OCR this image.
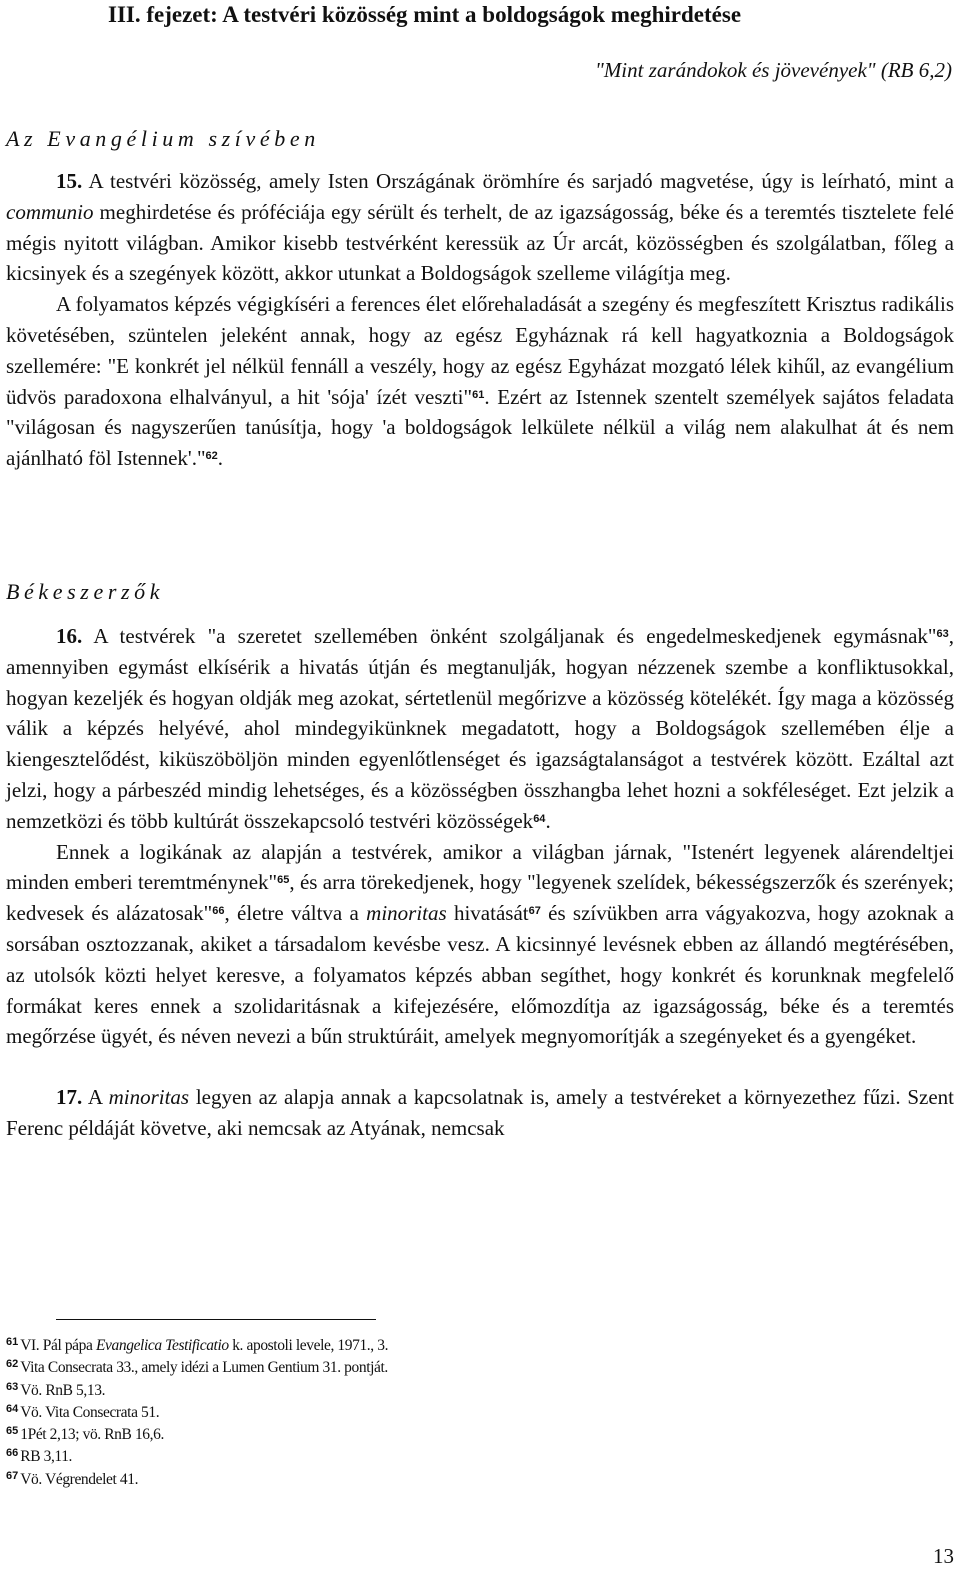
III. fejezet: A testvéri közösség mint a boldogságok meghirdetése
"Mint zarándokok és jövevények" (RB 6,2)
Az Evangélium szívében

15. A testvéri közösség, amely Isten Országának örömhíre és sarjadó magvetése, úgy is leírható, mint a communio meghirdetése és próféciája egy sérült és terhelt, de az igazságosság, béke és a teremtés tisztelete felé mégis nyitott világban. Amikor kisebb testvérként keressük az Úr arcát, közösségben és szolgálatban, főleg a kicsinyek és a szegények között, akkor utunkat a Boldogságok szelleme világítja meg.

A folyamatos képzés végigkíséri a ferences élet előrehaladását a szegény és megfeszített Krisztus radikális követésében, szüntelen jeleként annak, hogy az egész Egyháznak rá kell hagyatkoznia a Boldogságok szellemére: "E konkrét jel nélkül fennáll a veszély, hogy az egész Egyházat mozgató lélek kihűl, az evangélium üdvös paradoxona elhalványul, a hit 'sója' ízét veszti"$^{61}$. Ezért az Istennek szentelt személyek sajátos feladata "világosan és nagyszerűen tanúsítja, hogy 'a boldogságok lelkülete nélkül a világ nem alakulhat át és nem ajánlható föl Istennek'."$^{62}$.

Békeszerzők

16. A testvérek "a szeretet szellemében önként szolgáljanak és engedelmeskedjenek egymásnak"$^{63}$, amennyiben egymást elkísérik a hivatás útján és megtanulják, hogyan nézzenek szembe a konfliktusokkal, hogyan kezeljék és hogyan oldják meg azokat, sértetlenül megőrizve a közösség kötelékét. Így maga a közösség válik a képzés helyévé, ahol mindegyikünknek megadatott, hogy a Boldogságok szellemében élje a kiengesztelődést, kiküszöböljön minden egyenlőtlenséget és igazságtalanságot a testvérek között. Ezáltal azt jelzi, hogy a párbeszéd mindig lehetséges, és a közösségben összhangba lehet hozni a sokféleséget. Ezt jelzik a nemzetközi és több kultúrát összekapcsoló testvéri közösségek$^{64}$.

Ennek a logikának az alapján a testvérek, amikor a világban járnak, "Istenért legyenek alárendeltjei minden emberi teremtménynek"$^{65}$, és arra törekedjenek, hogy "legyenek szelídek, békességszerzők és szerények; kedvesek és alázatosak"$^{66}$, életre váltva a minoritas hivatását$^{67}$ és szívükben arra vágyakozva, hogy azoknak a sorsában osztozzanak, akiket a társadalom kevésbe vesz. A kicsinnyé levésnek ebben az állandó megtérésében, az utolsók közti helyet keresve, a folyamatos képzés abban segíthet, hogy konkrét és korunknak megfelelő formákat keres ennek a szolidaritásnak a kifejezésére, előmozdítja az igazságosság, béke és a teremtés megőrzése ügyét, és néven nevezi a bűn struktúráit, amelyek megnyomorítják a szegényeket és a gyengéket.

17. A minoritas legyen az alapja annak a kapcsolatnak is, amely a testvéreket a környezethez fűzi. Szent Ferenc példáját követve, aki nemcsak az Atyának, nemcsak

$^{61}$ VI. Pál pápa Evangelica Testificatio k. apostoli levele, 1971., 3.
$^{62}$ Vita Consecrata 33., amely idézi a Lumen Gentium 31. pontját.
$^{63}$ Vö. RnB 5,13.
$^{64}$ Vö. Vita Consecrata 51.
$^{65}$ 1Pét 2,13; vö. RnB 16,6.
$^{66}$ RB 3,11.
$^{67}$ Vö. Végrendelet 41.
13
